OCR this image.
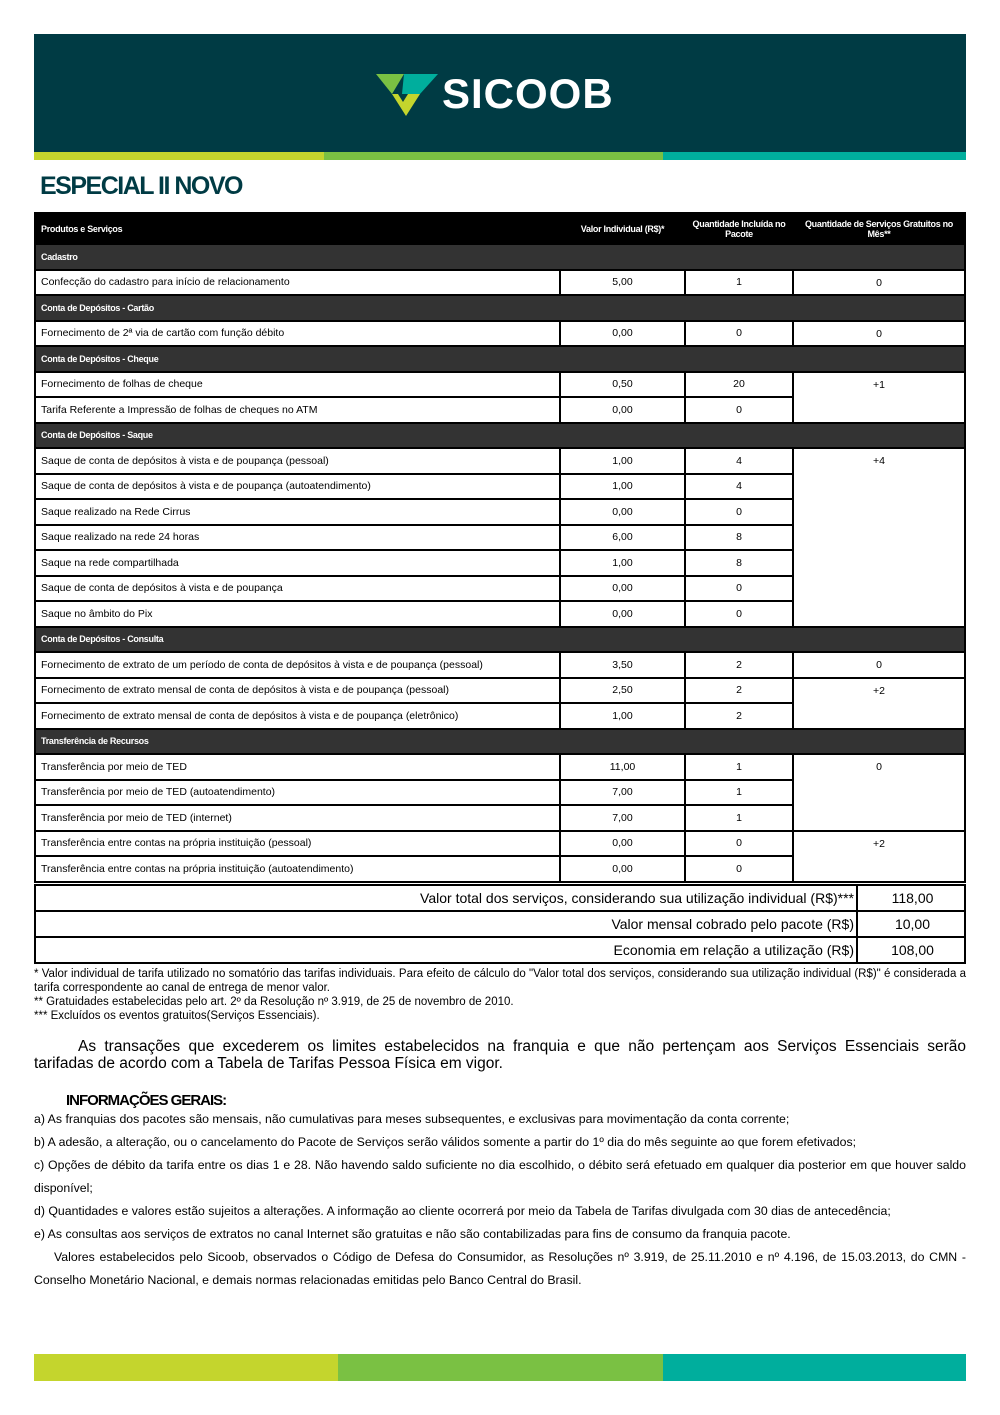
SICOOB
ESPECIAL II NOVO
Produtos e Serviços	Valor Individual (R$)*	Quantidade Incluída no Pacote	Quantidade de Serviços Gratuitos no Mês**
Cadastro			
Confecção do cadastro para início de relacionamento	5,00	1	0
Conta de Depósitos - Cartão			
Fornecimento de 2ª via de cartão com função débito	0,00	0	0
Conta de Depósitos - Cheque			
Fornecimento de folhas de cheque	0,50	20	+1
Tarifa Referente a Impressão de folhas de cheques no ATM	0,00	0	
Conta de Depósitos - Saque			
Saque de conta de depósitos à vista e de poupança (pessoal)	1,00	4	+4
Saque de conta de depósitos à vista e de poupança (autoatendimento)	1,00	4	
Saque realizado na Rede Cirrus	0,00	0	
Saque realizado na rede 24 horas	6,00	8	
Saque na rede compartilhada	1,00	8	
Saque de conta de depósitos à vista e de poupança	0,00	0	
Saque no âmbito do Pix	0,00	0	
Conta de Depósitos - Consulta			
Fornecimento de extrato de um período de conta de depósitos à vista e de poupança (pessoal)	3,50	2	0
Fornecimento de extrato mensal de conta de depósitos à vista e de poupança (pessoal)	2,50	2	+2
Fornecimento de extrato mensal de conta de depósitos à vista e de poupança (eletrônico)	1,00	2	
Transferência de Recursos			
Transferência por meio de TED	11,00	1	0
Transferência por meio de TED (autoatendimento)	7,00	1	
Transferência por meio de TED (internet)	7,00	1	
Transferência entre contas na própria instituição (pessoal)	0,00	0	+2
Transferência entre contas na própria instituição (autoatendimento)	0,00	0	
Valor total dos serviços, considerando sua utilização individual (R$)***	118,00
Valor mensal cobrado pelo pacote (R$)	10,00
Economia em relação a utilização (R$)	108,00

* Valor individual de tarifa utilizado no somatório das tarifas individuais. Para efeito de cálculo do "Valor total dos serviços, considerando sua utilização individual (R$)" é considerada a tarifa correspondente ao canal de entrega de menor valor.

** Gratuidades estabelecidas pelo art. 2º da Resolução nº 3.919, de 25 de novembro de 2010.

*** Excluídos os eventos gratuitos(Serviços Essenciais).

As transações que excederem os limites estabelecidos na franquia e que não pertençam aos Serviços Essenciais serão tarifadas de acordo com a Tabela de Tarifas Pessoa Física em vigor.

INFORMAÇÕES GERAIS:

a) As franquias dos pacotes são mensais, não cumulativas para meses subsequentes, e exclusivas para movimentação da conta corrente;

b) A adesão, a alteração, ou o cancelamento do Pacote de Serviços serão válidos somente a partir do 1º dia do mês seguinte ao que forem efetivados;

c) Opções de débito da tarifa entre os dias 1 e 28. Não havendo saldo suficiente no dia escolhido, o débito será efetuado em qualquer dia posterior em que houver saldo disponível;

d) Quantidades e valores estão sujeitos a alterações. A informação ao cliente ocorrerá por meio da Tabela de Tarifas divulgada com 30 dias de antecedência;

e) As consultas aos serviços de extratos no canal Internet são gratuitas e não são contabilizadas para fins de consumo da franquia pacote.

Valores estabelecidos pelo Sicoob, observados o Código de Defesa do Consumidor, as Resoluções nº 3.919, de 25.11.2010 e nº 4.196, de 15.03.2013, do CMN - Conselho Monetário Nacional, e demais normas relacionadas emitidas pelo Banco Central do Brasil.
